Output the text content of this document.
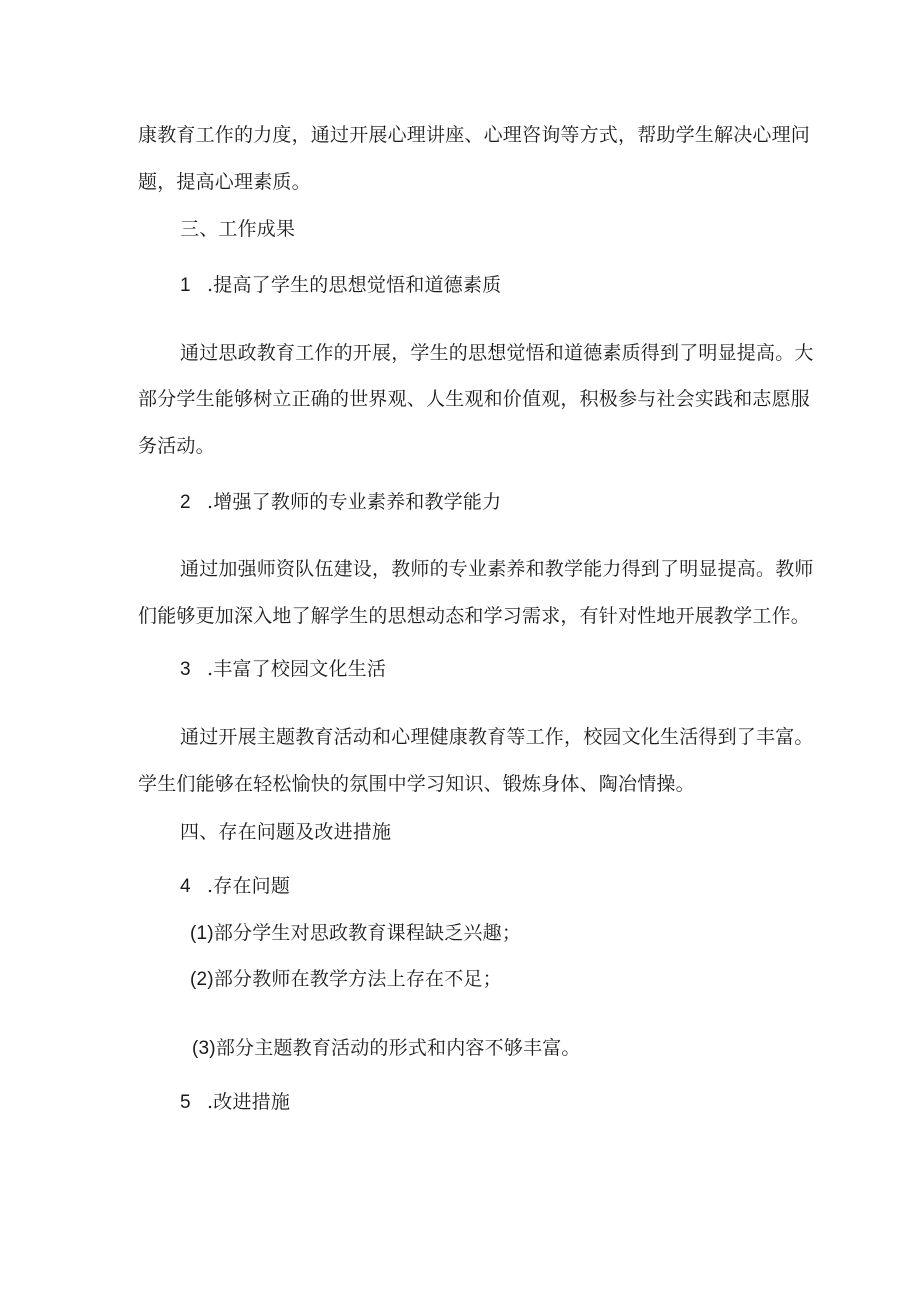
康教育工作的力度，通过开展心理讲座、心理咨询等方式，帮助学生解决心理问
题，提高心理素质。
三、工作成果
1 .提高了学生的思想觉悟和道德素质
通过思政教育工作的开展，学生的思想觉悟和道德素质得到了明显提高。大
部分学生能够树立正确的世界观、人生观和价值观，积极参与社会实践和志愿服
务活动。
2 .增强了教师的专业素养和教学能力
通过加强师资队伍建设，教师的专业素养和教学能力得到了明显提高。教师
们能够更加深入地了解学生的思想动态和学习需求，有针对性地开展教学工作。
3 .丰富了校园文化生活
通过开展主题教育活动和心理健康教育等工作，校园文化生活得到了丰富。
学生们能够在轻松愉快的氛围中学习知识、锻炼身体、陶冶情操。
四、存在问题及改进措施
4 .存在问题
(1)部分学生对思政教育课程缺乏兴趣；
(2)部分教师在教学方法上存在不足；
(3)部分主题教育活动的形式和内容不够丰富。
5 .改进措施
